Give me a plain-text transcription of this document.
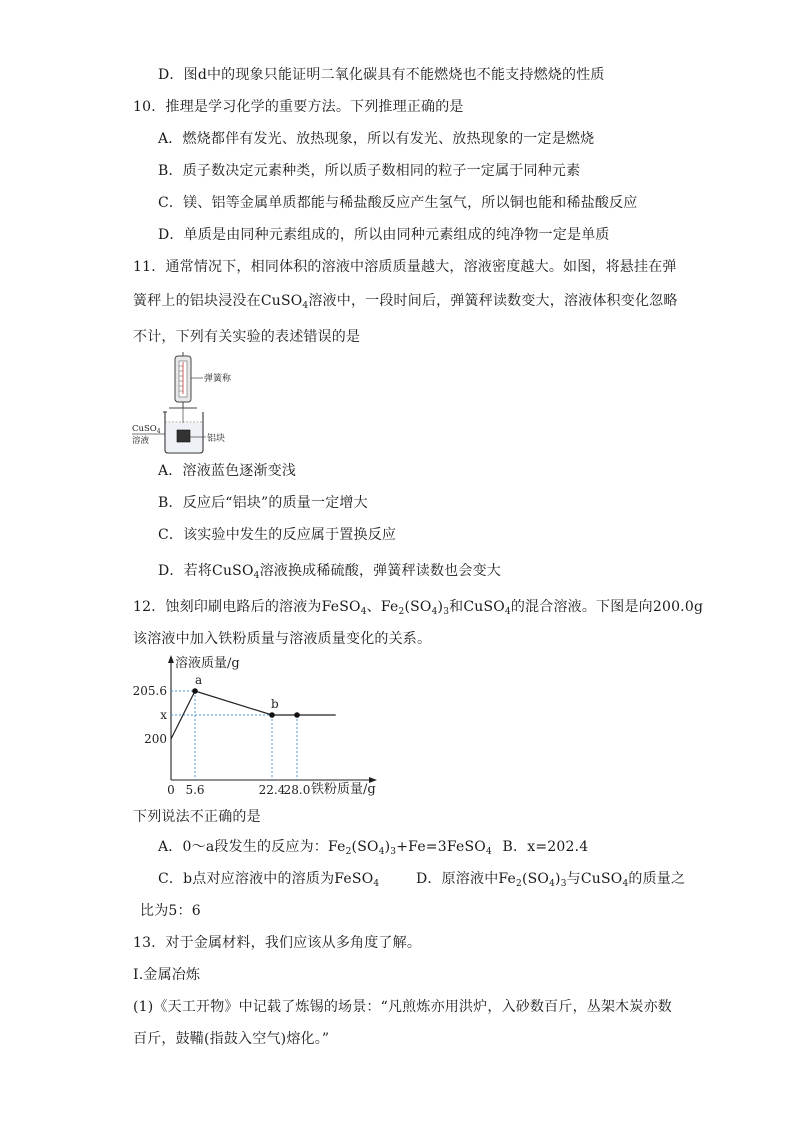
D．图d中的现象只能证明二氧化碳具有不能燃烧也不能支持燃烧的性质
10．推理是学习化学的重要方法。下列推理正确的是
A．燃烧都伴有发光、放热现象，所以有发光、放热现象的一定是燃烧
B．质子数决定元素种类，所以质子数相同的粒子一定属于同种元素
C．镁、铝等金属单质都能与稀盐酸反应产生氢气，所以铜也能和稀盐酸反应
D．单质是由同种元素组成的，所以由同种元素组成的纯净物一定是单质
11．通常情况下，相同体积的溶液中溶质质量越大，溶液密度越大。如图，将悬挂在弹
簧秤上的铝块浸没在CuSO$_4$溶液中，一段时间后，弹簧秤读数变大，溶液体积变化忽略
不计，下列有关实验的表述错误的是
弹簧称
铝块
CuSO$_4$
溶液
A．溶液蓝色逐渐变浅
B．反应后“铝块”的质量一定增大
C．该实验中发生的反应属于置换反应
D．若将CuSO$_4$溶液换成稀硫酸，弹簧秤读数也会变大
12．蚀刻印刷电路后的溶液为FeSO$_4$、$Fe_2(SO_4)_3$和CuSO$_4$的混合溶液。下图是向200.0g
该溶液中加入铁粉质量与溶液质量变化的关系。
溶液质量/g
铁粉质量/g
a
b
0 5.6	22.4
28.0
200
x
205.6
下列说法不正确的是
A．0～a段发生的反应为：$Fe_2(SO_4)_3+Fe=3FeSO_4$ B．x=202.4
C．b点对应溶液中的溶质为FeSO$_4$	D．原溶液中$Fe_2(SO_4)_3$与CuSO$_4$的质量之
比为5：6
13．对于金属材料，我们应该从多角度了解。
Ⅰ.金属冶炼
(1)《天工开物》中记载了炼锡的场景：“凡煎炼亦用洪炉，入砂数百斤，丛架木炭亦数
百斤，鼓鞴(指鼓入空气)熔化。”
